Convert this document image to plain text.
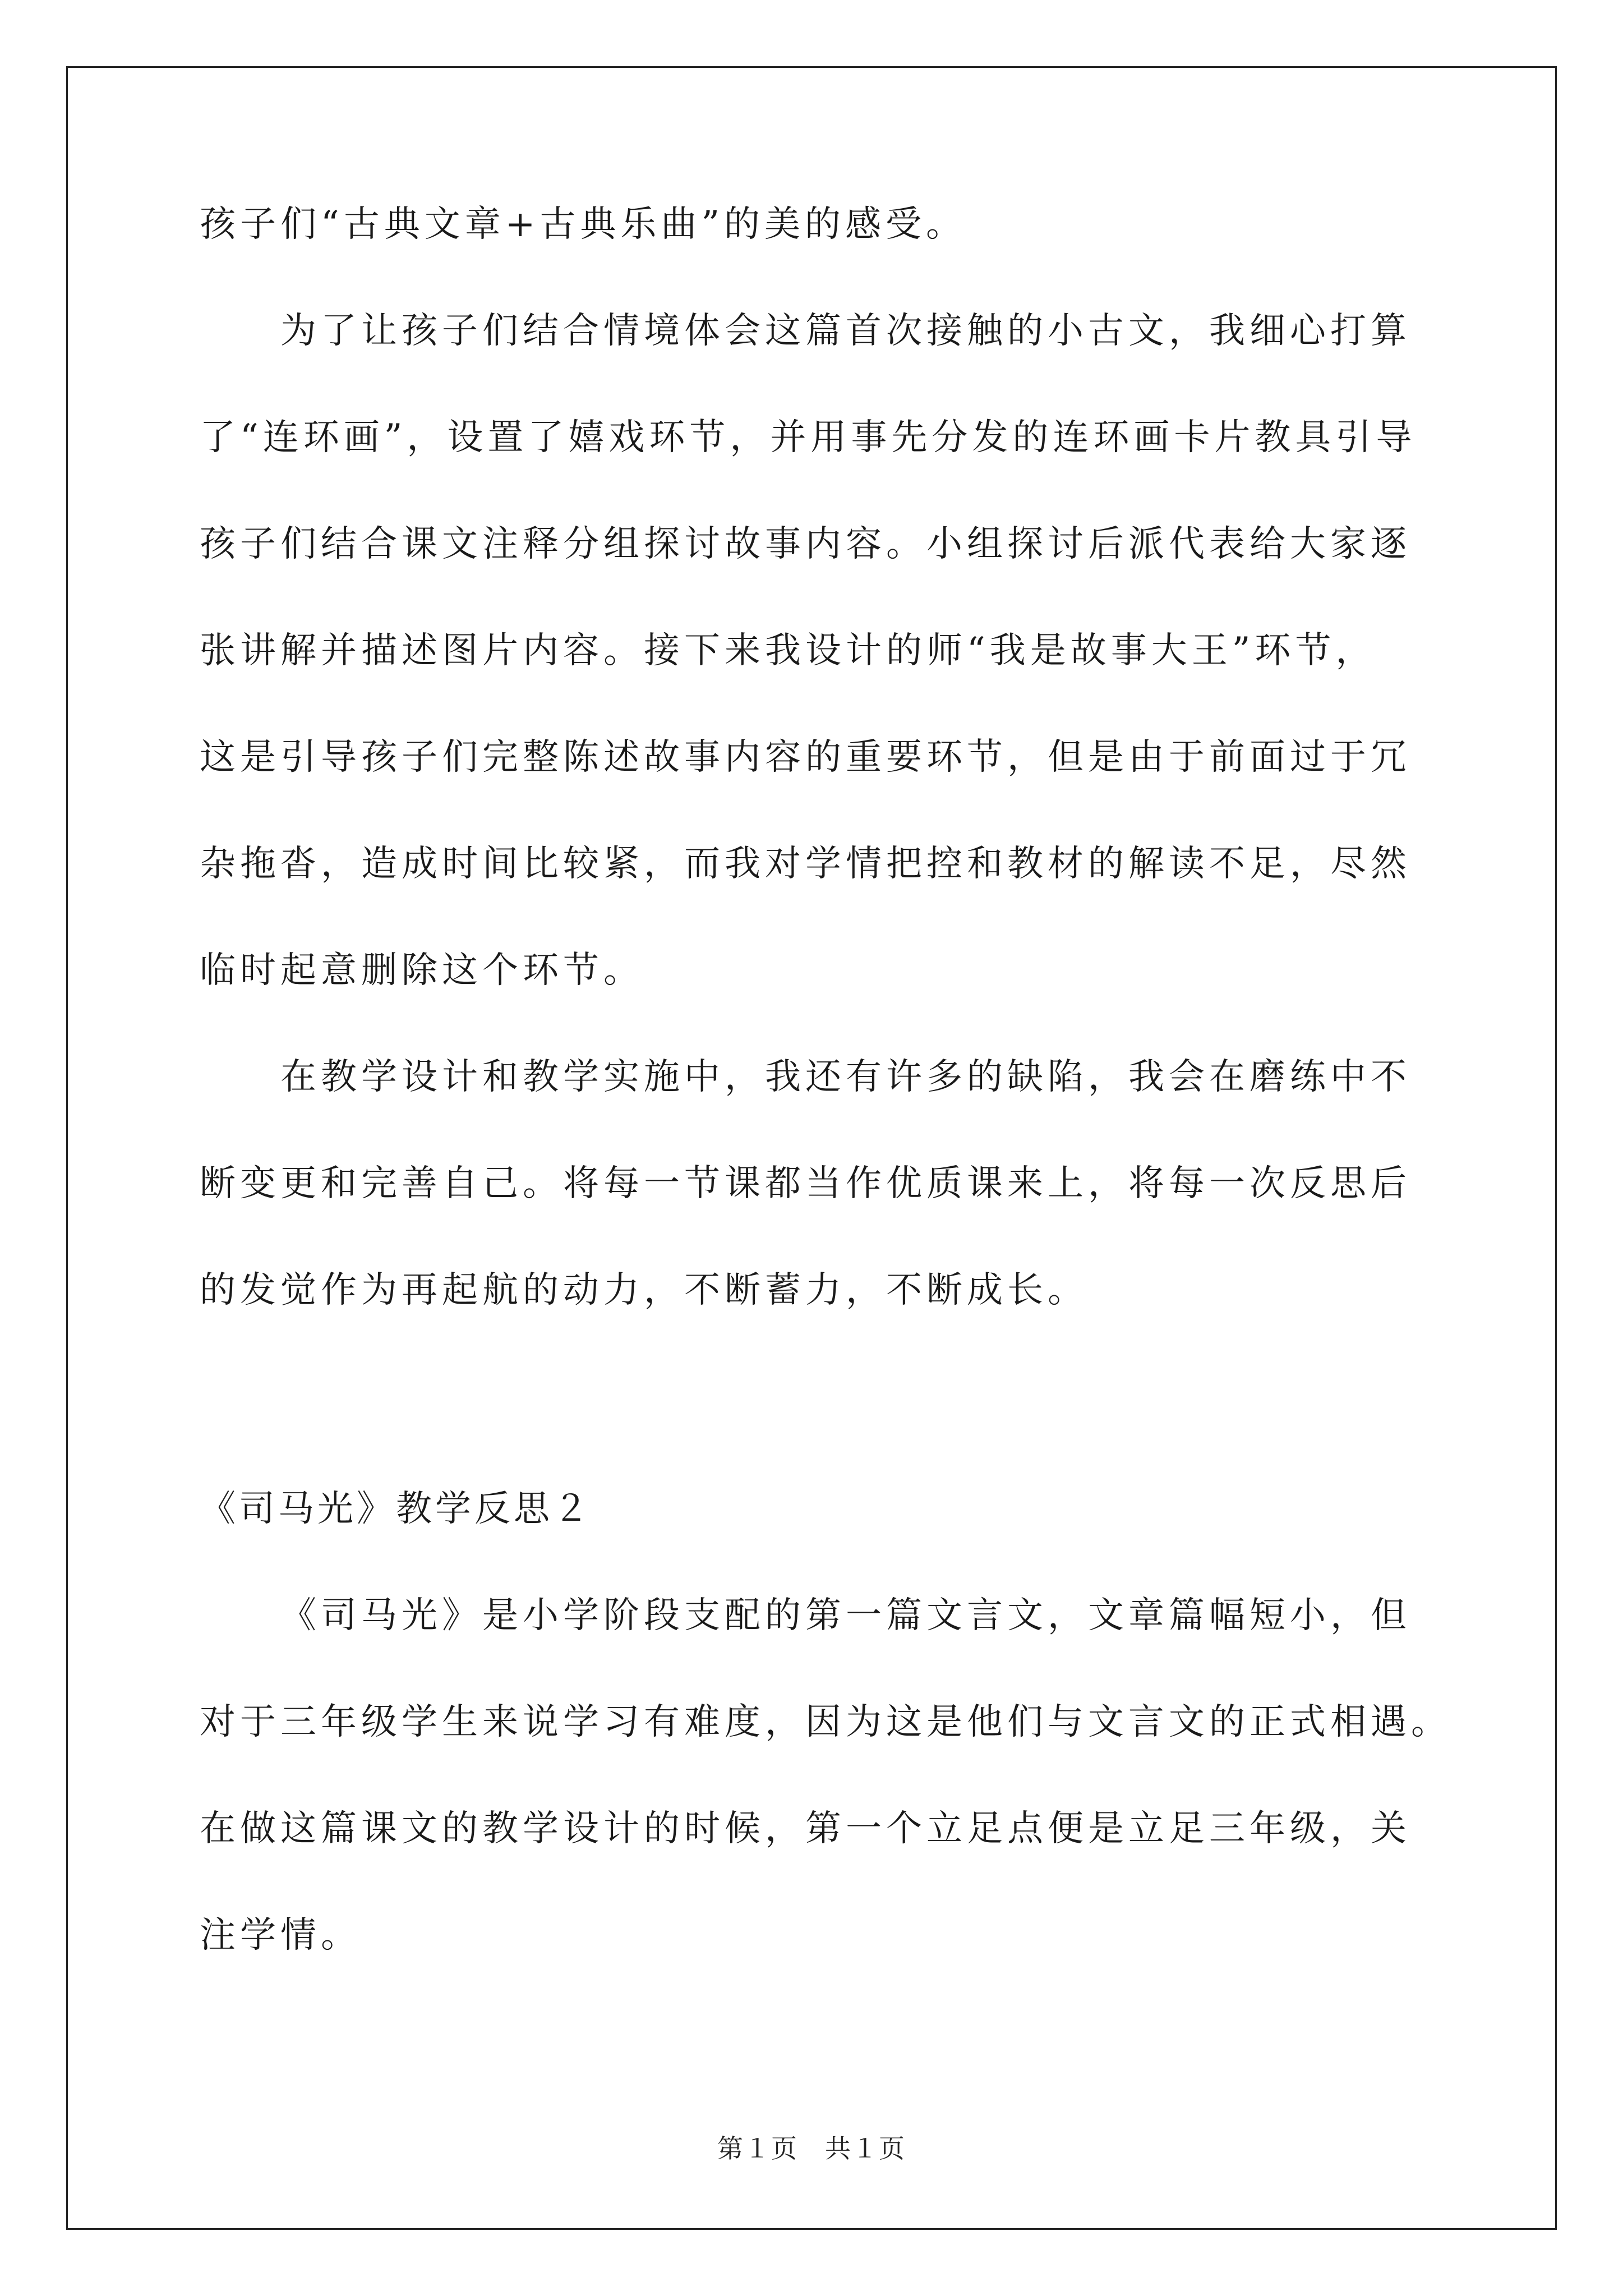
孩子们“古典文章+古典乐曲”的美的感受。
为了让孩子们结合情境体会这篇首次接触的小古文，我细心打算
了“连环画”，设置了嬉戏环节，并用事先分发的连环画卡片教具引导
孩子们结合课文注释分组探讨故事内容。小组探讨后派代表给大家逐
张讲解并描述图片内容。接下来我设计的师“我是故事大王”环节，
这是引导孩子们完整陈述故事内容的重要环节，但是由于前面过于冗
杂拖沓，造成时间比较紧，而我对学情把控和教材的解读不足，尽然
临时起意删除这个环节。
在教学设计和教学实施中，我还有许多的缺陷，我会在磨练中不
断变更和完善自己。将每一节课都当作优质课来上，将每一次反思后
的发觉作为再起航的动力，不断蓄力，不断成长。
《司马光》教学反思２
《司马光》是小学阶段支配的第一篇文言文，文章篇幅短小，但
对于三年级学生来说学习有难度，因为这是他们与文言文的正式相遇。
在做这篇课文的教学设计的时候，第一个立足点便是立足三年级，关
注学情。
第１页　共１页
